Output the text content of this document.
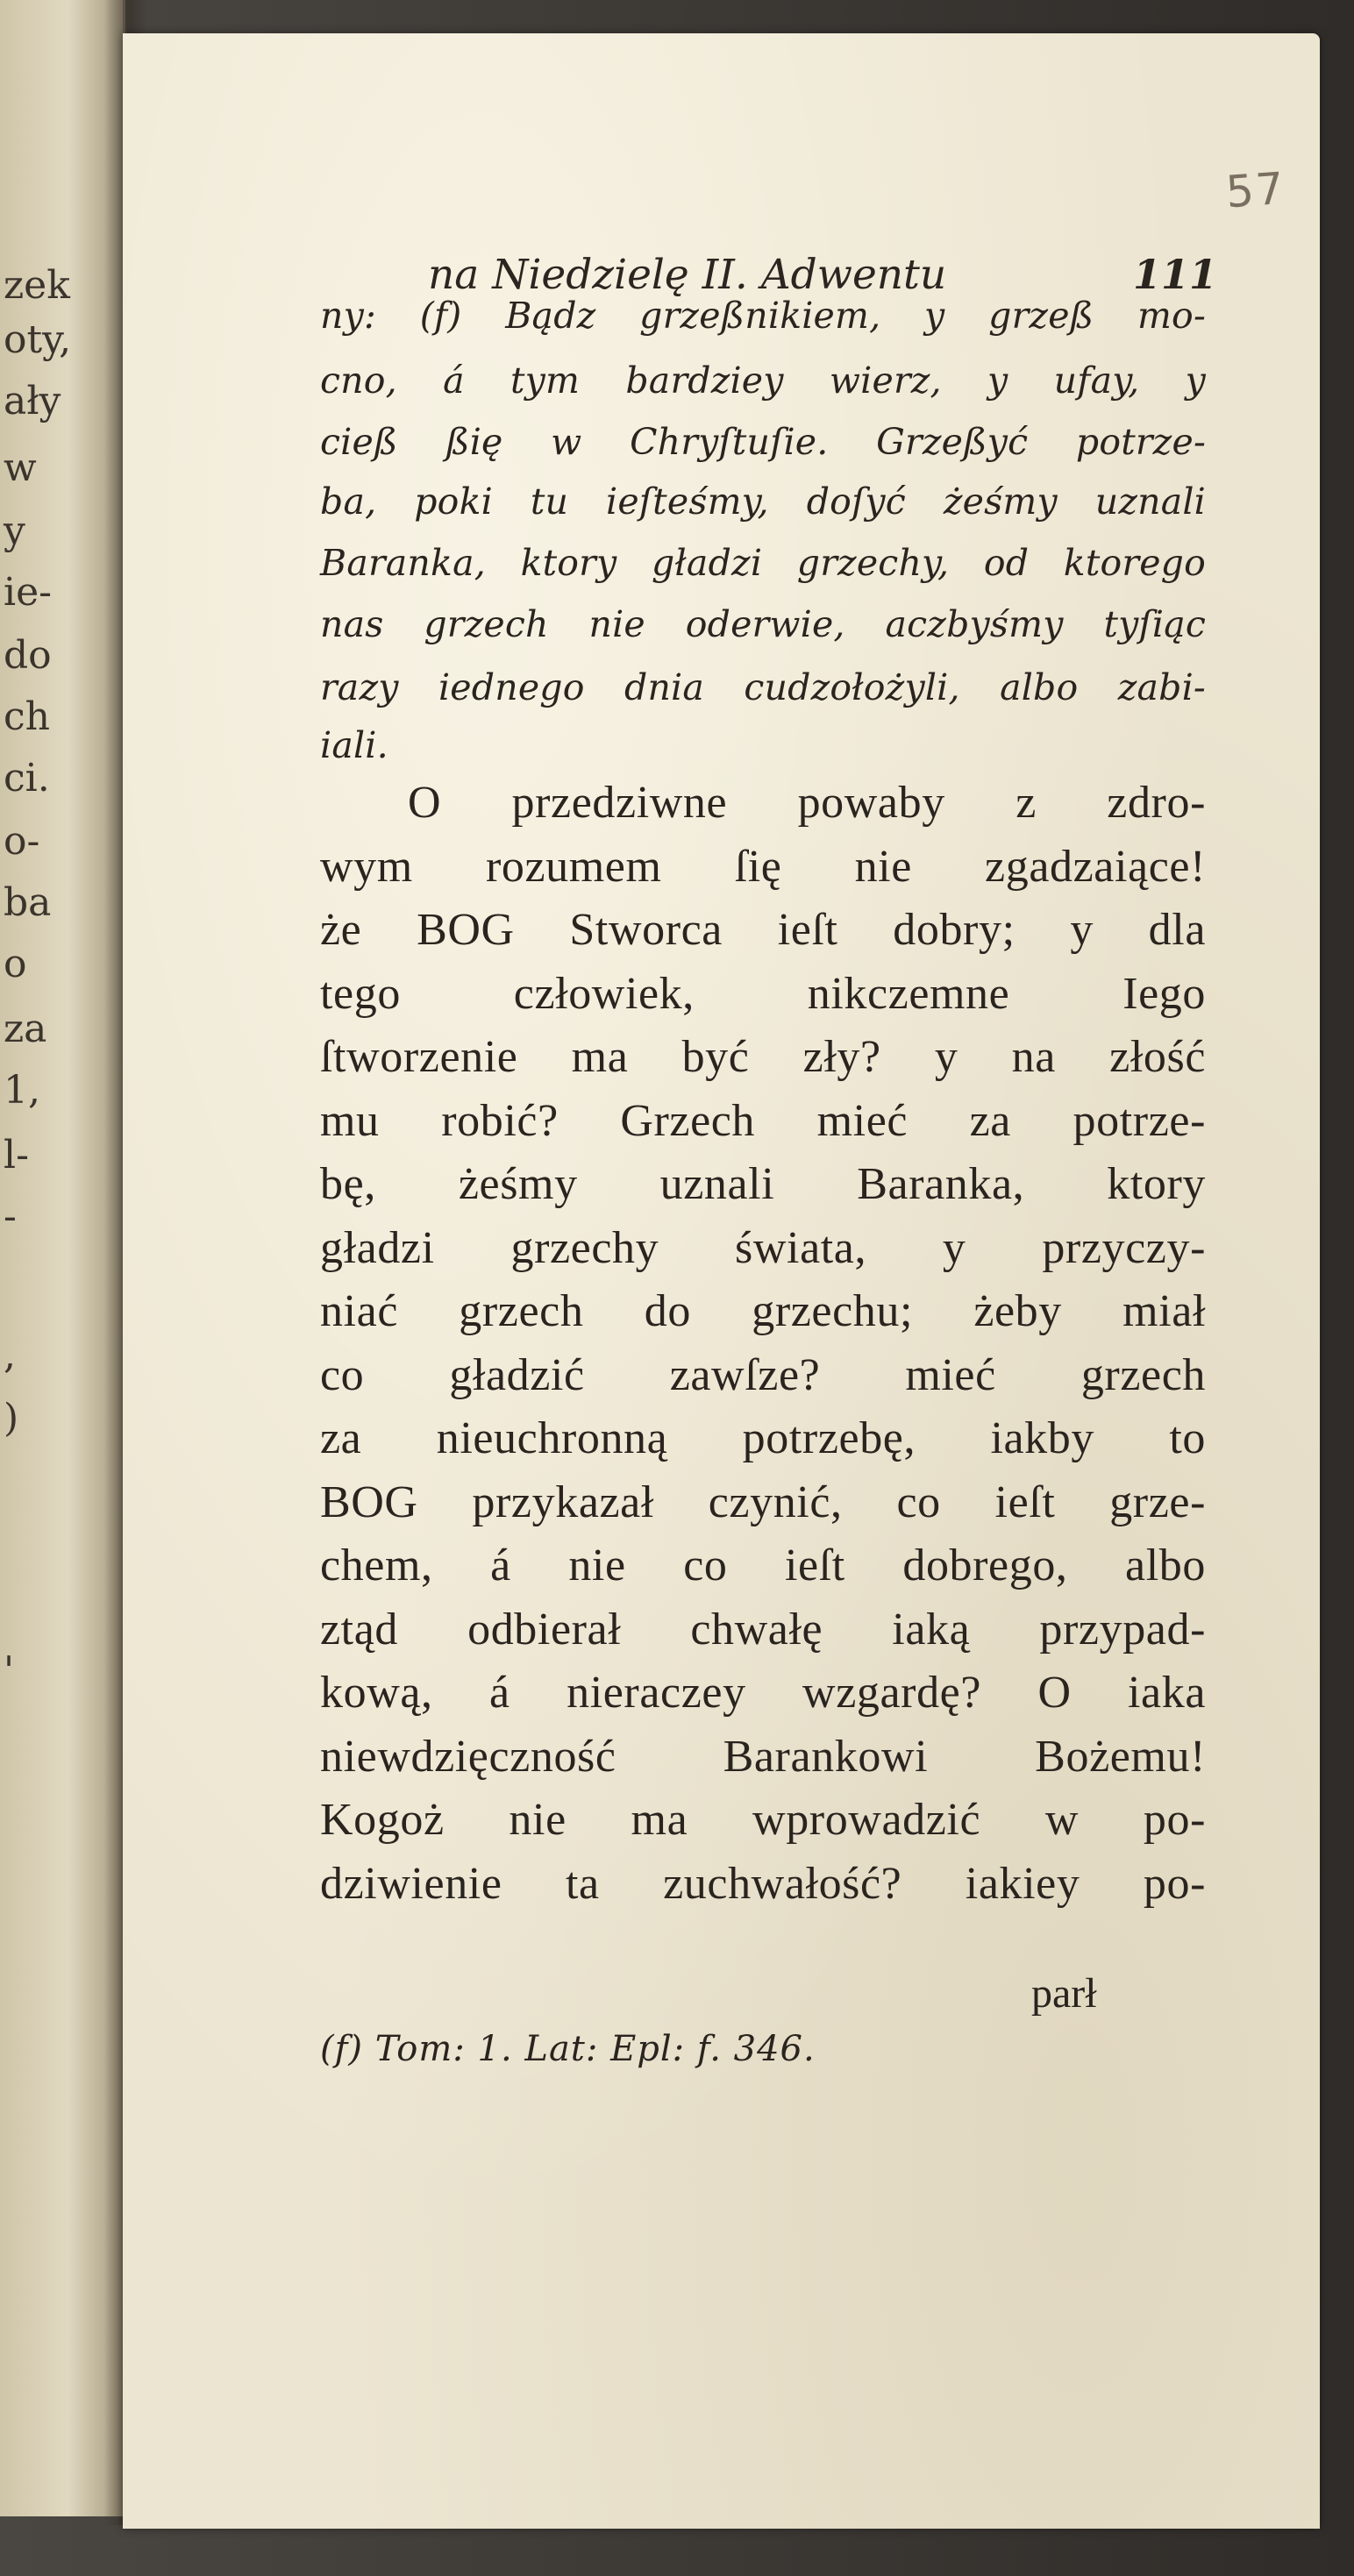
zek
oty,
ały
w
y
ie-
do
ch
ci.
o-
ba
o
za
1,
l-
-
,
)
'
57
na Niedzielę II. Adwentu	111
ny: (f) Bądz grzeßnikiem, y grzeß mo-
cno, á tym bardziey wierz, y ufay, y
cieß ßię w Chryſtuſie. Grzeßyć potrze-
ba, poki tu ieſteśmy, doſyć żeśmy uznali
Baranka, ktory gładzi grzechy, od ktorego
nas grzech nie oderwie, aczbyśmy tyſiąc
razy iednego dnia cudzołożyli, albo zabi-
iali.
O przedziwne powaby z zdro-
wym rozumem ſię nie zgadzaiące!
że BOG Stworca ieſt dobry; y dla
tego człowiek, nikczemne Iego
ſtworzenie ma być zły? y na złość
mu robić? Grzech mieć za potrze-
bę, żeśmy uznali Baranka, ktory
gładzi grzechy świata, y przyczy-
niać grzech do grzechu; żeby miał
co gładzić zawſze? mieć grzech
za nieuchronną potrzebę, iakby to
BOG przykazał czynić, co ieſt grze-
chem, á nie co ieſt dobrego, albo
ztąd odbierał chwałę iaką przypad-
kową, á nieraczey wzgardę? O iaka
niewdzięczność Barankowi Bożemu!
Kogoż nie ma wprowadzić w po-
dziwienie ta zuchwałość? iakiey po-
parł
(f) Tom: 1. Lat: Epl: f. 346.
